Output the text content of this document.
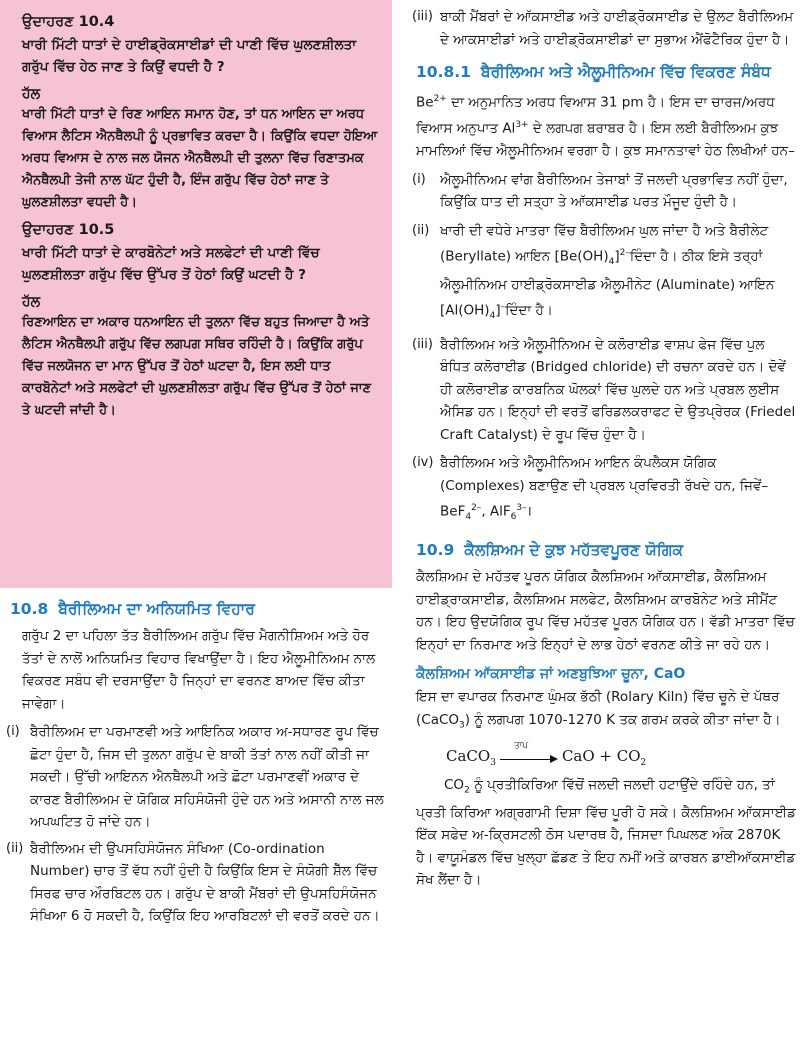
ਉਦਾਹਰਣ 10.4

ਖਾਰੀ ਮਿੱਟੀ ਧਾਤਾਂ ਦੇ ਹਾਈਡ੍ਰੋਕਸਾਈਡਾਂ ਦੀ ਪਾਣੀ ਵਿੱਚ ਘੁਲਣਸ਼ੀਲਤਾ ਗਰੁੱਪ ਵਿੱਚ ਹੇਠ ਜਾਣ ਤੇ ਕਿਉਂ ਵਧਦੀ ਹੈ ?

ਹੱਲ

ਖਾਰੀ ਮਿੱਟੀ ਧਾਤਾਂ ਦੇ ਰਿਣ ਆਇਨ ਸਮਾਨ ਹੋਣ, ਤਾਂ ਧਨ ਆਇਨ ਦਾ ਅਰਧ ਵਿਆਸ ਲੈਟਿਸ ਐਨਥੈਲਪੀ ਨੂੰ ਪ੍ਰਭਾਵਿਤ ਕਰਦਾ ਹੈ। ਕਿਉਂਕਿ ਵਧਦਾ ਹੋਇਆ ਅਰਧ ਵਿਆਸ ਦੇ ਨਾਲ ਜਲ ਯੋਜਨ ਐਨਥੈਲਪੀ ਦੀ ਤੁਲਨਾ ਵਿੱਚ ਰਿਣਾਤਮਕ ਐਨਥੈਲਪੀ ਤੇਜੀ ਨਾਲ ਘੱਟ ਹੁੰਦੀ ਹੈ, ਇੰਜ ਗਰੁੱਪ ਵਿੱਚ ਹੇਠਾਂ ਜਾਣ ਤੇ ਘੁਲਣਸ਼ੀਲਤਾ ਵਧਦੀ ਹੈ।

ਉਦਾਹਰਣ 10.5

ਖਾਰੀ ਮਿੱਟੀ ਧਾਤਾਂ ਦੇ ਕਾਰਬੋਨੇਟਾਂ ਅਤੇ ਸਲਫੇਟਾਂ ਦੀ ਪਾਣੀ ਵਿੱਚ ਘੁਲਣਸ਼ੀਲਤਾ ਗਰੁੱਪ ਵਿੱਚ ਉੱਪਰ ਤੋਂ ਹੇਠਾਂ ਕਿਉਂ ਘਟਦੀ ਹੈ ?

ਹੱਲ

ਰਿਣਆਇਨ ਦਾ ਅਕਾਰ ਧਨਆਇਨ ਦੀ ਤੁਲਨਾ ਵਿੱਚ ਬਹੁਤ ਜਿਆਦਾ ਹੈ ਅਤੇ ਲੈਟਿਸ ਐਨਥੈਲਪੀ ਗਰੁੱਪ ਵਿੱਚ ਲਗਪਗ ਸਥਿਰ ਰਹਿੰਦੀ ਹੈ। ਕਿਉਂਕਿ ਗਰੁੱਪ ਵਿੱਚ ਜਲਯੋਜਨ ਦਾ ਮਾਨ ਉੱਪਰ ਤੋਂ ਹੇਠਾਂ ਘਟਦਾ ਹੈ, ਇਸ ਲਈ ਧਾਤ ਕਾਰਬੋਨੇਟਾਂ ਅਤੇ ਸਲਫੇਟਾਂ ਦੀ ਘੁਲਣਸ਼ੀਲਤਾ ਗਰੁੱਪ ਵਿੱਚ ਉੱਪਰ ਤੋਂ ਹੇਠਾਂ ਜਾਣ ਤੇ ਘਟਦੀ ਜਾਂਦੀ ਹੈ।

10.8 ਬੈਰੀਲਿਅਮ ਦਾ ਅਨਿਯਮਿਤ ਵਿਹਾਰ

ਗਰੁੱਪ 2 ਦਾ ਪਹਿਲਾ ਤੱਤ ਬੈਰੀਲਿਅਮ ਗਰੁੱਪ ਵਿੱਚ ਮੈਗਨੀਸ਼ਿਅਮ ਅਤੇ ਹੋਰ ਤੱਤਾਂ ਦੇ ਨਾਲੋਂ ਅਨਿਯਮਿਤ ਵਿਹਾਰ ਵਿਖਾਉਂਦਾ ਹੈ। ਇਹ ਐਲੂਮੀਨਿਅਮ ਨਾਲ ਵਿਕਰਣ ਸਬੰਧ ਵੀ ਦਰਸਾਉਂਦਾ ਹੈ ਜਿਨ੍ਹਾਂ ਦਾ ਵਰਨਣ ਬਾਅਦ ਵਿੱਚ ਕੀਤਾ ਜਾਵੇਗਾ।

(i) ਬੈਰੀਲਿਅਮ ਦਾ ਪਰਮਾਣਵੀ ਅਤੇ ਆਇਨਿਕ ਅਕਾਰ ਅ-ਸਧਾਰਣ ਰੂਪ ਵਿੱਚ ਛੋਟਾ ਹੁੰਦਾ ਹੈ, ਜਿਸ ਦੀ ਤੁਲਨਾ ਗਰੁੱਪ ਦੇ ਬਾਕੀ ਤੱਤਾਂ ਨਾਲ ਨਹੀਂ ਕੀਤੀ ਜਾ ਸਕਦੀ। ਉੱਚੀ ਆਇਨਨ ਐਨਥੈਲਪੀ ਅਤੇ ਛੋਟਾ ਪਰਮਾਣਵੀਂ ਅਕਾਰ ਦੇ ਕਾਰਣ ਬੈਰੀਲਿਅਮ ਦੇ ਯੋਗਿਕ ਸਹਿਸੰਯੋਜੀ ਹੁੰਦੇ ਹਨ ਅਤੇ ਅਸਾਨੀ ਨਾਲ ਜਲ ਅਪਘਟਿਤ ਹੋ ਜਾਂਦੇ ਹਨ।
(ii) ਬੈਰੀਲਿਅਮ ਦੀ ਉਪਸਹਿਸੰਯੋਜਨ ਸੰਖਿਆ (Co-ordination Number) ਚਾਰ ਤੋਂ ਵੱਧ ਨਹੀਂ ਹੁੰਦੀ ਹੈ ਕਿਉਂਕਿ ਇਸ ਦੇ ਸੰਯੋਗੀ ਸ਼ੈੱਲ ਵਿੱਚ ਸਿਰਫ ਚਾਰ ਔਰਬਿਟਲ ਹਨ। ਗਰੁੱਪ ਦੇ ਬਾਕੀ ਮੈਂਬਰਾਂ ਦੀ ਉਪਸਹਿਸੰਯੋਜਨ ਸੰਖਿਆ 6 ਹੋ ਸਕਦੀ ਹੈ, ਕਿਉਂਕਿ ਇਹ ਆਰਬਿਟਲਾਂ ਦੀ ਵਰਤੋਂ ਕਰਦੇ ਹਨ।
(iii) ਬਾਕੀ ਮੈਂਬਰਾਂ ਦੇ ਆੱਕਸਾਈਡ ਅਤੇ ਹਾਈਡ੍ਰੋਕਸਾਈਡ ਦੇ ਉਲਟ ਬੈਰੀਲਿਅਮ ਦੇ ਆਕਸਾਈਡਾਂ ਅਤੇ ਹਾਈਡ੍ਰੋਕਸਾਈਡਾਂ ਦਾ ਸੁਭਾਅ ਐਂਫੋਟੈਰਿਕ ਹੁੰਦਾ ਹੈ।
10.8.1 ਬੈਰੀਲਿਅਮ ਅਤੇ ਐਲੂਮੀਨਿਅਮ ਵਿੱਚ ਵਿਕਰਣ ਸੰਬੰਧ

$Be^{2+}$ ਦਾ ਅਨੁਮਾਨਿਤ ਅਰਧ ਵਿਆਸ 31 pm ਹੈ। ਇਸ ਦਾ ਚਾਰਜ/ਅਰਧ ਵਿਆਸ ਅਨੁਪਾਤ $Al^{3+}$ ਦੇ ਲਗਪਗ ਬਰਾਬਰ ਹੈ। ਇਸ ਲਈ ਬੈਰੀਲਿਅਮ ਕੁਝ ਮਾਮਲਿਆਂ ਵਿੱਚ ਐਲੂਮੀਨਿਅਮ ਵਰਗਾ ਹੈ। ਕੁਝ ਸਮਾਨਤਾਵਾਂ ਹੇਠ ਲਿਖੀਆਂ ਹਨ–

(i)	ਐਲੂਮੀਨਿਅਮ ਵਾਂਗ ਬੈਰੀਲਿਅਮ ਤੇਜਾਬਾਂ ਤੋਂ ਜਲਦੀ ਪ੍ਰਭਾਵਿਤ ਨਹੀਂ ਹੁੰਦਾ, ਕਿਉਂਕਿ ਧਾਤ ਦੀ ਸਤ੍ਹਾ ਤੇ ਆੱਕਸਾਈਡ ਪਰਤ ਮੌਜੂਦ ਹੁੰਦੀ ਹੈ।
(ii) ਖਾਰੀ ਦੀ ਵਧੇਰੇ ਮਾਤਰਾ ਵਿੱਚ ਬੈਰੀਲਿਅਮ ਘੁਲ ਜਾਂਦਾ ਹੈ ਅਤੇ ਬੈਰੀਲੇਟ (Beryllate) ਆਇਨ $[Be(OH)_4]^{2-}ਦਿੰਦਾ$ ਹੈ। ਠੀਕ ਇਸੇ ਤਰ੍ਹਾਂ ਐਲੂਮੀਨਿਅਮ ਹਾਈਡ੍ਰੋਕਸਾਈਡ ਐਲੂਮੀਨੇਟ (Aluminate) ਆਇਨ $[Al(OH)_4]^-ਦਿੰਦਾ$ ਹੈ।
(iii) ਬੈਰੀਲਿਅਮ ਅਤੇ ਐਲੂਮੀਨਿਅਮ ਦੇ ਕਲੋਰਾਈਡ ਵਾਸ਼ਪ ਫੇਜ ਵਿੱਚ ਪੁਲ ਬੰਧਿਤ ਕਲੋਰਾਈਡ (Bridged chloride) ਦੀ ਰਚਨਾ ਕਰਦੇ ਹਨ। ਦੋਵੇਂ ਹੀ ਕਲੋਰਾਈਡ ਕਾਰਬਨਿਕ ਘੋਲਕਾਂ ਵਿੱਚ ਘੁਲਦੇ ਹਨ ਅਤੇ ਪ੍ਰਬਲ ਲੁਈਸ ਐਸਿਡ ਹਨ। ਇਨ੍ਹਾਂ ਦੀ ਵਰਤੋਂ ਫਰਿਡਲਕਰਾਫਟ ਦੇ ਉਤਪ੍ਰੇਰਕ (Friedel Craft Catalyst) ਦੇ ਰੂਪ ਵਿੱਚ ਹੁੰਦਾ ਹੈ।
(iv) ਬੈਰੀਲਿਅਮ ਅਤੇ ਐਲੂਮੀਨਿਅਮ ਆਇਨ ਕੰਪਲੈਕਸ ਯੋਗਿਕ (Complexes) ਬਣਾਉਣ ਦੀ ਪ੍ਰਬਲ ਪ੍ਰਵਿਰਤੀ ਰੱਖਦੇ ਹਨ, ਜਿਵੇਂ– BeF$_4^{2-}$, AlF$_6^{3-}$।
10.9 ਕੈਲਸ਼ਿਅਮ ਦੇ ਕੁਝ ਮਹੱਤਵਪੂਰਣ ਯੋਗਿਕ

ਕੈਲਸ਼ਿਅਮ ਦੇ ਮਹੱਤਵ ਪੂਰਨ ਯੋਗਿਕ ਕੈਲਸ਼ਿਅਮ ਆੱਕਸਾਈਡ, ਕੈਲਸ਼ਿਅਮ ਹਾਈਡ੍ਰਾਕਸਾਈਡ, ਕੈਲਸ਼ਿਅਮ ਸਲਫੇਟ, ਕੈਲਸ਼ਿਅਮ ਕਾਰਬੋਨੇਟ ਅਤੇ ਸੀਮੈਂਟ ਹਨ। ਇਹ ਉਦਯੋਗਿਕ ਰੂਪ ਵਿੱਚ ਮਹੱਤਵ ਪੂਰਨ ਯੋਗਿਕ ਹਨ। ਵੱਡੀ ਮਾਤਰਾ ਵਿੱਚ ਇਨ੍ਹਾਂ ਦਾ ਨਿਰਮਾਣ ਅਤੇ ਇਨ੍ਹਾਂ ਦੇ ਲਾਭ ਹੇਠਾਂ ਵਰਨਣ ਕੀਤੇ ਜਾ ਰਹੇ ਹਨ।

ਕੈਲਸ਼ਿਅਮ ਆੱਕਸਾਈਡ ਜਾਂ ਅਣਬੁਝਿਆ ਚੂਨਾ, CaO

ਇਸ ਦਾ ਵਪਾਰਕ ਨਿਰਮਾਣ ਘੁੰਮਕ ਭੱਠੀ (Rolary Kiln) ਵਿੱਚ ਚੂਨੇ ਦੇ ਪੱਥਰ (CaCO$_3$) ਨੂੰ ਲਗਪਗ 1070-1270 K ਤਕ ਗਰਮ ਕਰਕੇ ਕੀਤਾ ਜਾਂਦਾ ਹੈ।

CaCO$_3$
ਤਾਪ
CaO + $CO_2$

$CO_2$ ਨੂੰ ਪ੍ਰਤੀਕਿਰਿਆ ਵਿੱਚੋਂ ਜਲਦੀ ਜਲਦੀ ਹਟਾਉਂਦੇ ਰਹਿੰਦੇ ਹਨ, ਤਾਂ ਪ੍ਰਤੀ ਕਿਰਿਆ ਅਗ੍ਰਗਾਮੀ ਦਿਸ਼ਾ ਵਿੱਚ ਪੂਰੀ ਹੋ ਸਕੇ। ਕੈਲਸ਼ਿਅਮ ਆੱਕਸਾਈਡ ਇੱਕ ਸਫੇਦ ਅ-ਕ੍ਰਿਸਟਲੀ ਠੋਸ ਪਦਾਰਥ ਹੈ, ਜਿਸਦਾ ਪਿਘਲਣ ਅੰਕ 2870K ਹੈ। ਵਾਯੂਮੰਡਲ ਵਿੱਚ ਖੁਲ੍ਹਾ ਛੱਡਣ ਤੇ ਇਹ ਨਮੀਂ ਅਤੇ ਕਾਰਬਨ ਡਾਈਆੱਕਸਾਈਡ ਸੋਖ ਲੈਂਦਾ ਹੈ।
